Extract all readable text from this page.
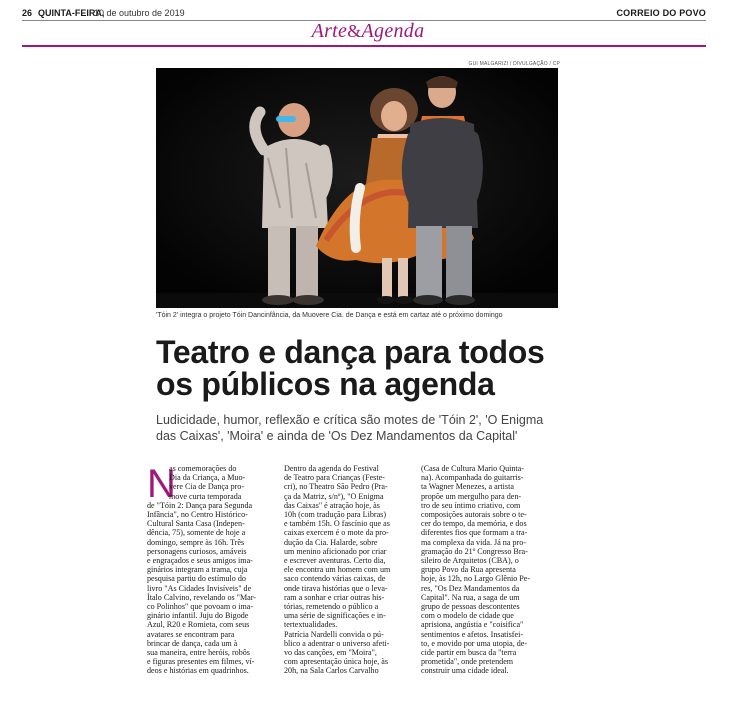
26 QUINTA-FEIRA,
10 de outubro de 2019	CORREIO DO POVO
Arte&Agenda
GUI MALGARIZI / DIVULGAÇÃO / CP
'Tóin 2' integra o projeto Tóin Dancinfância, da Muovere Cia. de Dança e está em cartaz até o próximo domingo
Teatro e dança para todos
os públicos na agenda
Ludicidade, humor, reflexão e crítica são motes de 'Tóin 2', 'O Enigma
das Caixas', 'Moira' e ainda de 'Os Dez Mandamentos da Capital'
N
as comemorações do
Dia da Criança, a Muo-
vere Cia de Dança pro-
move curta temporada
de "Tóin 2: Dança para Segunda
Infância", no Centro Histórico-
Cultural Santa Casa (Indepen-
dência, 75), somente de hoje a
domingo, sempre às 16h. Três
personagens curiosos, amáveis
e engraçados e seus amigos ima-
ginários integram a trama, cuja
pesquisa partiu do estímulo do
livro "As Cidades Invisíveis" de
Ítalo Calvino, revelando os "Mar-
co Polinhos" que povoam o ima-
ginário infantil. Juju do Bigode
Azul, R20 e Romieta, com seus
avatares se encontram para
brincar de dança, cada um à
sua maneira, entre heróis, robôs
e figuras presentes em filmes, ví-
deos e histórias em quadrinhos.
Dentro da agenda do Festival
de Teatro para Crianças (Feste-
cri), no Theatro São Pedro (Pra-
ça da Matriz, s/nº), "O Enigma
das Caixas" é atração hoje, às
10h (com tradução para Libras)
e também 15h. O fascínio que as
caixas exercem é o mote da pro-
dução da Cia. Halarde, sobre
um menino aficionado por criar
e escrever aventuras. Certo dia,
ele encontra um homem com um
saco contendo várias caixas, de
onde tirava histórias que o leva-
ram a sonhar e criar outras his-
tórias, remetendo o público a
uma série de significações e in-
tertextualidades.
Patrícia Nardelli convida o pú-
blico a adentrar o universo afeti-
vo das canções, em "Moira",
com apresentação única hoje, às
20h, na Sala Carlos Carvalho
(Casa de Cultura Mario Quinta-
na). Acompanhada do guitarris-
ta Wagner Menezes, a artista
propõe um mergulho para den-
tro de seu íntimo criativo, com
composições autorais sobre o te-
cer do tempo, da memória, e dos
diferentes fios que formam a tra-
ma complexa da vida. Já na pro-
gramação do 21º Congresso Bra-
sileiro de Arquitetos (CBA), o
grupo Povo da Rua apresenta
hoje, às 12h, no Largo Glênio Pe-
res, "Os Dez Mandamentos da
Capital". Na rua, a saga de um
grupo de pessoas descontentes
com o modelo de cidade que
aprisiona, angústia e "coisifica"
sentimentos e afetos. Insatisfei-
to, e movido por uma utopia, de-
cide partir em busca da "terra
prometida", onde pretendem
construir uma cidade ideal.
